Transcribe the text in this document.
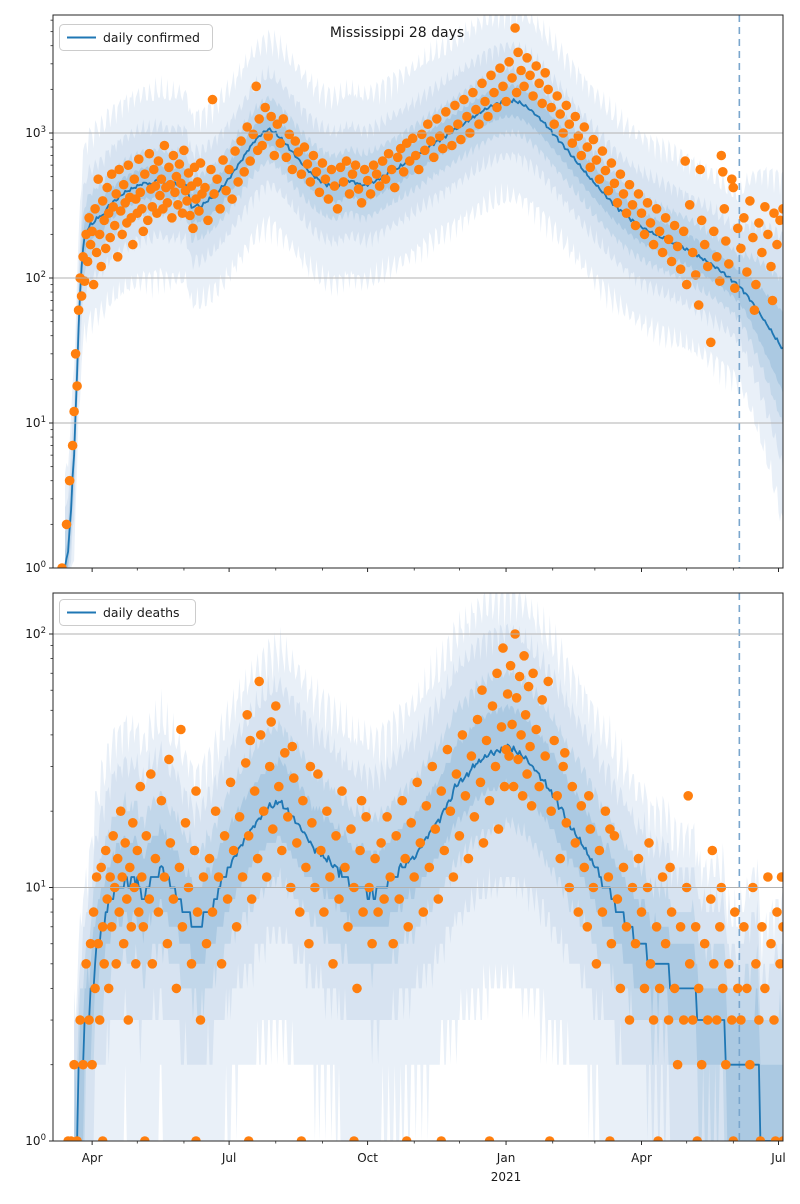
$10^0$
$10^1$
$10^2$
$10^3$
$10^0$
$10^1$
$10^2$
Apr	Jul	Oct	Jan	Apr	Jul
Mississippi 28 days
daily confirmed
daily deaths
2021
